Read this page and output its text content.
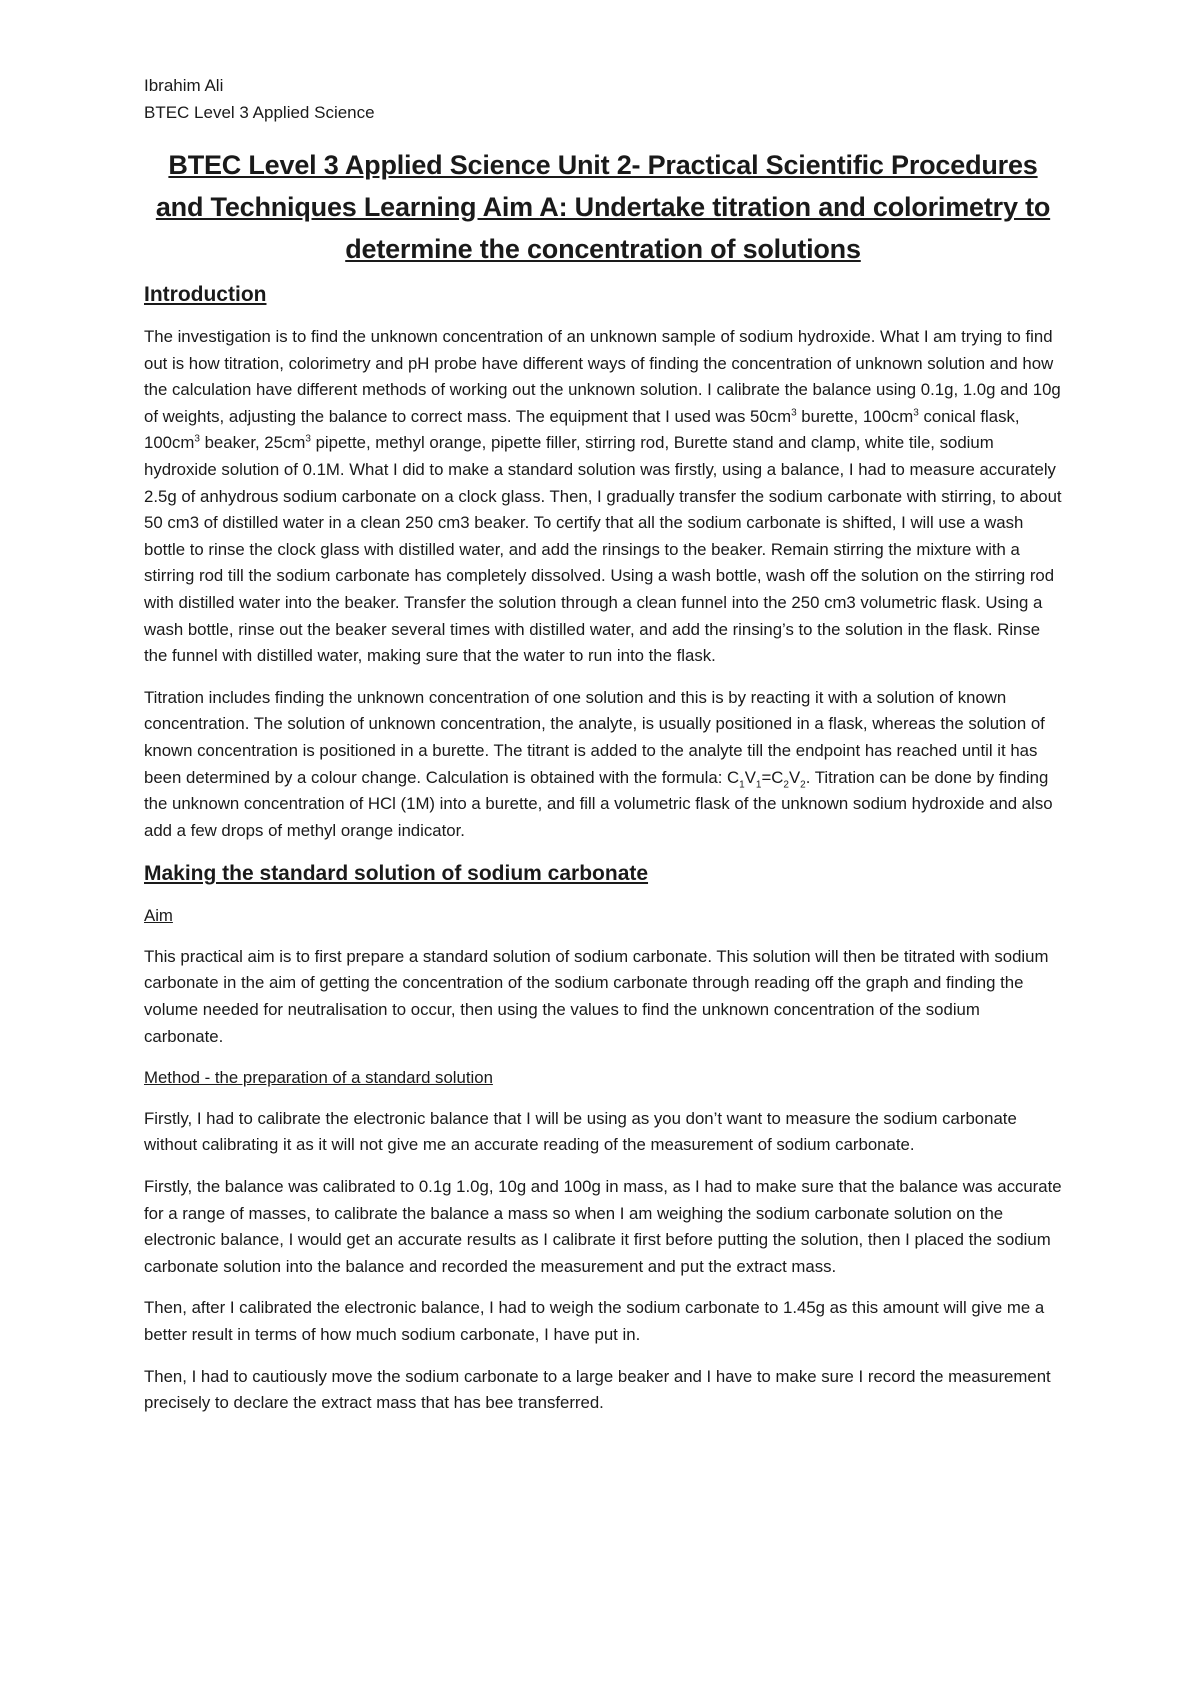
Ibrahim Ali

BTEC Level 3 Applied Science

BTEC Level 3 Applied Science Unit 2- Practical Scientific Procedures and Techniques Learning Aim A: Undertake titration and colorimetry to determine the concentration of solutions
Introduction

The investigation is to find the unknown concentration of an unknown sample of sodium hydroxide. What I am trying to find out is how titration, colorimetry and pH probe have different ways of finding the concentration of unknown solution and how the calculation have different methods of working out the unknown solution. I calibrate the balance using 0.1g, 1.0g and 10g of weights, adjusting the balance to correct mass. The equipment that I used was $50cm^3$ burette, $100cm^3$ conical flask, $100cm^3$ beaker, $25cm^3$ pipette, methyl orange, pipette filler, stirring rod, Burette stand and clamp, white tile, sodium hydroxide solution of 0.1M. What I did to make a standard solution was firstly, using a balance, I had to measure accurately 2.5g of anhydrous sodium carbonate on a clock glass. Then, I gradually transfer the sodium carbonate with stirring, to about 50 cm3 of distilled water in a clean 250 cm3 beaker. To certify that all the sodium carbonate is shifted, I will use a wash bottle to rinse the clock glass with distilled water, and add the rinsings to the beaker. Remain stirring the mixture with a stirring rod till the sodium carbonate has completely dissolved. Using a wash bottle, wash off the solution on the stirring rod with distilled water into the beaker. Transfer the solution through a clean funnel into the 250 cm3 volumetric flask. Using a wash bottle, rinse out the beaker several times with distilled water, and add the rinsing’s to the solution in the flask. Rinse the funnel with distilled water, making sure that the water to run into the flask.

Titration includes finding the unknown concentration of one solution and this is by reacting it with a solution of known concentration. The solution of unknown concentration, the analyte, is usually positioned in a flask, whereas the solution of known concentration is positioned in a burette. The titrant is added to the analyte till the endpoint has reached until it has been determined by a colour change. Calculation is obtained with the formula: $C_1V_1=C_2V_2$. Titration can be done by finding the unknown concentration of HCl (1M) into a burette, and fill a volumetric flask of the unknown sodium hydroxide and also add a few drops of methyl orange indicator.

Making the standard solution of sodium carbonate
Aim

This practical aim is to first prepare a standard solution of sodium carbonate. This solution will then be titrated with sodium carbonate in the aim of getting the concentration of the sodium carbonate through reading off the graph and finding the volume needed for neutralisation to occur, then using the values to find the unknown concentration of the sodium carbonate.

Method - the preparation of a standard solution

Firstly, I had to calibrate the electronic balance that I will be using as you don’t want to measure the sodium carbonate without calibrating it as it will not give me an accurate reading of the measurement of sodium carbonate.

Firstly, the balance was calibrated to 0.1g 1.0g, 10g and 100g in mass, as I had to make sure that the balance was accurate for a range of masses, to calibrate the balance a mass so when I am weighing the sodium carbonate solution on the electronic balance, I would get an accurate results as I calibrate it first before putting the solution, then I placed the sodium carbonate solution into the balance and recorded the measurement and put the extract mass.

Then, after I calibrated the electronic balance, I had to weigh the sodium carbonate to 1.45g as this amount will give me a better result in terms of how much sodium carbonate, I have put in.

Then, I had to cautiously move the sodium carbonate to a large beaker and I have to make sure I record the measurement precisely to declare the extract mass that has bee transferred.
